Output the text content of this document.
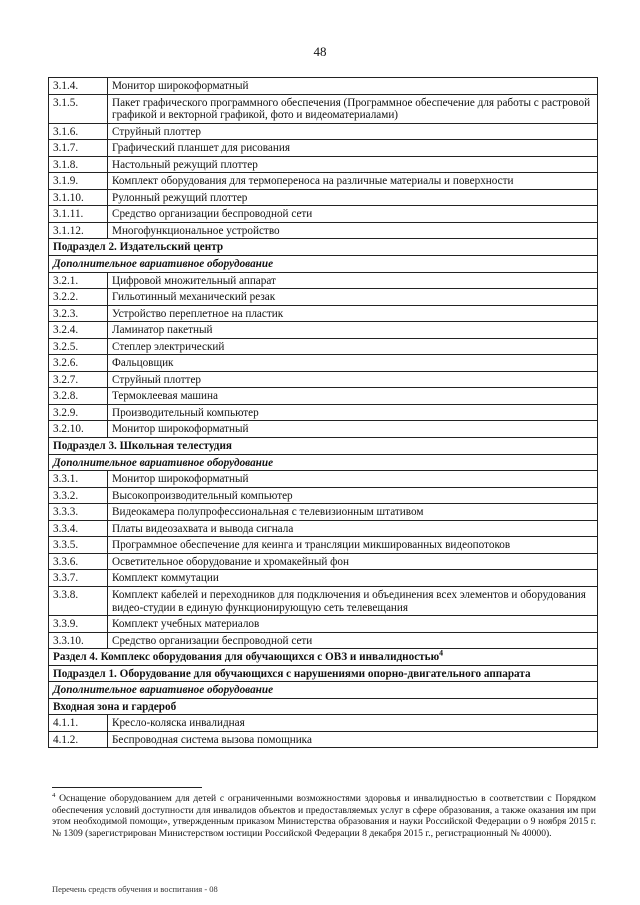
48
3.1.4.	Монитор широкоформатный
3.1.5.	Пакет графического программного обеспечения (Программное обеспечение для работы с растровой графикой и векторной графикой, фото и видеоматериалами)
3.1.6.	Струйный плоттер
3.1.7.	Графический планшет для рисования
3.1.8.	Настольный режущий плоттер
3.1.9.	Комплект оборудования для термопереноса на различные материалы и поверхности
3.1.10.	Рулонный режущий плоттер
3.1.11.	Средство организации беспроводной сети
3.1.12.	Многофункциональное устройство
Подраздел 2. Издательский центр	
Дополнительное вариативное оборудование	
3.2.1.	Цифровой множительный аппарат
3.2.2.	Гильотинный механический резак
3.2.3.	Устройство переплетное на пластик
3.2.4.	Ламинатор пакетный
3.2.5.	Степлер электрический
3.2.6.	Фальцовщик
3.2.7.	Струйный плоттер
3.2.8.	Термоклеевая машина
3.2.9.	Производительный компьютер
3.2.10.	Монитор широкоформатный
Подраздел 3. Школьная телестудия	
Дополнительное вариативное оборудование	
3.3.1.	Монитор широкоформатный
3.3.2.	Высокопроизводительный компьютер
3.3.3.	Видеокамера полупрофессиональная с телевизионным штативом
3.3.4.	Платы видеозахвата и вывода сигнала
3.3.5.	Программное обеспечение для кеинга и трансляции микшированных видеопотоков
3.3.6.	Осветительное оборудование и хромакейный фон
3.3.7.	Комплект коммутации
3.3.8.	Комплект кабелей и переходников для подключения и объединения всех элементов и оборудования видео-студии в единую функционирующую сеть телевещания
3.3.9.	Комплект учебных материалов
3.3.10.	Средство организации беспроводной сети
Раздел 4. Комплекс оборудования для обучающихся с ОВЗ и инвалидностью$^4$
Подраздел 1. Оборудование для обучающихся с нарушениями опорно-двигательного аппарата	
Дополнительное вариативное оборудование	
Входная зона и гардероб	
4.1.1.	Кресло-коляска инвалидная
4.1.2.	Беспроводная система вызова помощника
$^4$ Оснащение оборудованием для детей с ограниченными возможностями здоровья и инвалидностью в соответствии с Порядком обеспечения условий доступности для инвалидов объектов и предоставляемых услуг в сфере образования, а также оказания им при этом необходимой помощи», утвержденным приказом Министерства образования и науки Российской Федерации о 9 ноября 2015 г. № 1309 (зарегистрирован Министерством юстиции Российской Федерации 8 декабря 2015 г., регистрационный № 40000).
Перечень средств обучения и воспитания - 08
